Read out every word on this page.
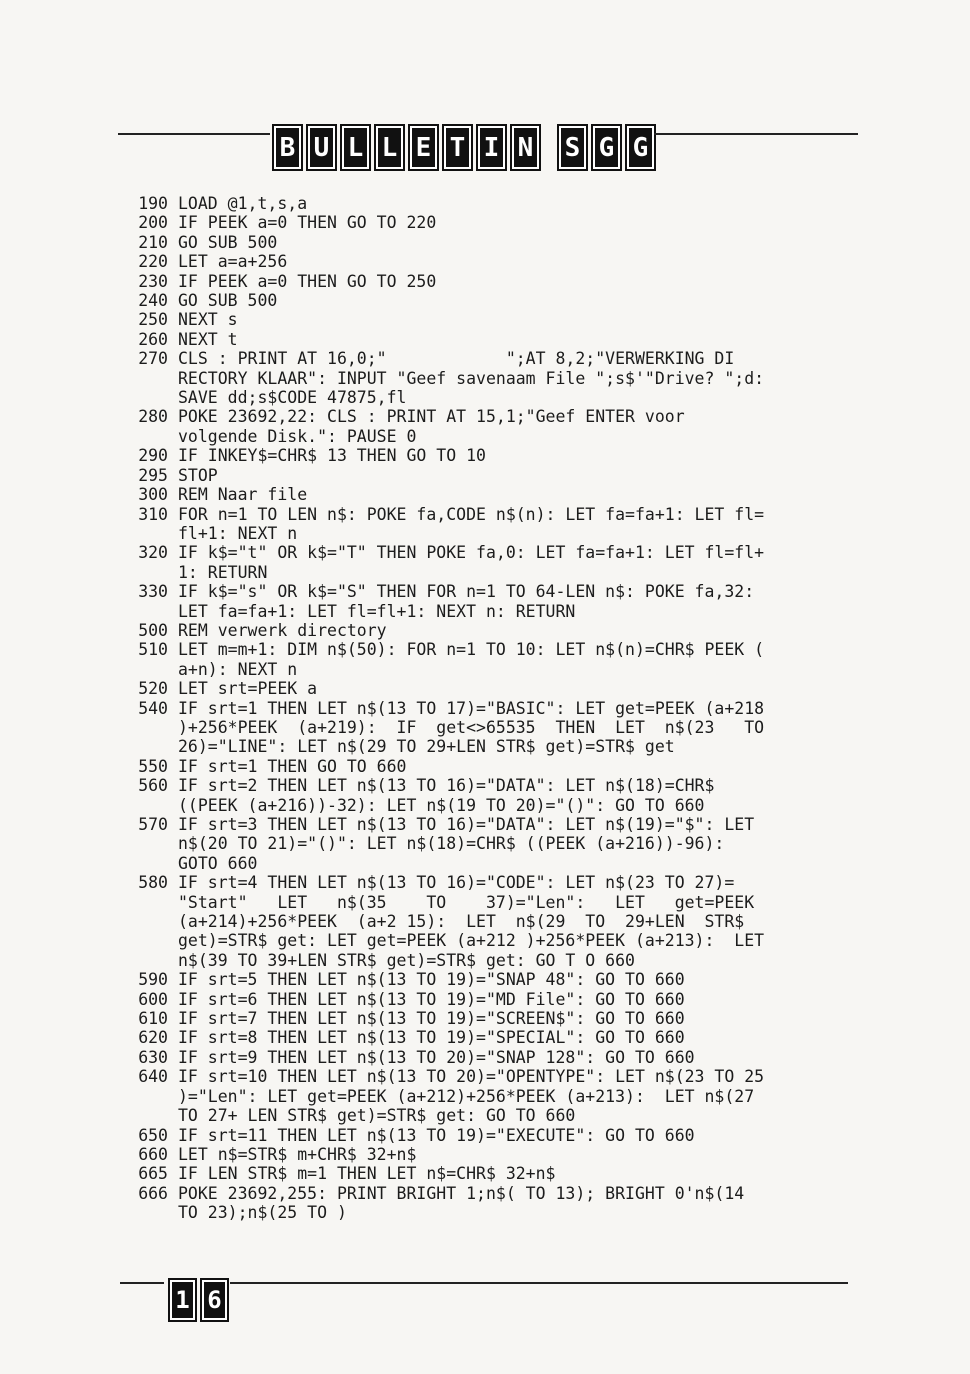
B U L L E T I N S G G
190 LOAD @1,t,s,a
200 IF PEEK a=0 THEN GO TO 220
210 GO SUB 500
220 LET a=a+256
230 IF PEEK a=0 THEN GO TO 250
240 GO SUB 500
250 NEXT s
260 NEXT t
270 CLS : PRINT AT 16,0;"            ";AT 8,2;"VERWERKING DI
RECTORY KLAAR": INPUT "Geef savenaam File ";s$'"Drive? ";d:
SAVE dd;s$CODE 47875,fl
280 POKE 23692,22: CLS : PRINT AT 15,1;"Geef ENTER voor
volgende Disk.": PAUSE 0
290 IF INKEY$=CHR$ 13 THEN GO TO 10
295 STOP
300 REM Naar file
310 FOR n=1 TO LEN n$: POKE fa,CODE n$(n): LET fa=fa+1: LET fl=
fl+1: NEXT n
320 IF k$="t" OR k$="T" THEN POKE fa,0: LET fa=fa+1: LET fl=fl+
1: RETURN
330 IF k$="s" OR k$="S" THEN FOR n=1 TO 64-LEN n$: POKE fa,32:
LET fa=fa+1: LET fl=fl+1: NEXT n: RETURN
500 REM verwerk directory
510 LET m=m+1: DIM n$(50): FOR n=1 TO 10: LET n$(n)=CHR$ PEEK (
a+n): NEXT n
520 LET srt=PEEK a
540 IF srt=1 THEN LET n$(13 TO 17)="BASIC": LET get=PEEK (a+218
)+256*PEEK  (a+219):  IF  get<>65535  THEN  LET  n$(23   TO
26)="LINE": LET n$(29 TO 29+LEN STR$ get)=STR$ get
550 IF srt=1 THEN GO TO 660
560 IF srt=2 THEN LET n$(13 TO 16)="DATA": LET n$(18)=CHR$
((PEEK (a+216))-32): LET n$(19 TO 20)="()": GO TO 660
570 IF srt=3 THEN LET n$(13 TO 16)="DATA": LET n$(19)="$": LET
n$(20 TO 21)="()": LET n$(18)=CHR$ ((PEEK (a+216))-96):
GOTO 660
580 IF srt=4 THEN LET n$(13 TO 16)="CODE": LET n$(23 TO 27)=
"Start"   LET   n$(35    TO    37)="Len":   LET   get=PEEK
(a+214)+256*PEEK  (a+2 15):  LET  n$(29  TO  29+LEN  STR$
get)=STR$ get: LET get=PEEK (a+212 )+256*PEEK (a+213):  LET
n$(39 TO 39+LEN STR$ get)=STR$ get: GO T O 660
590 IF srt=5 THEN LET n$(13 TO 19)="SNAP 48": GO TO 660
600 IF srt=6 THEN LET n$(13 TO 19)="MD File": GO TO 660
610 IF srt=7 THEN LET n$(13 TO 19)="SCREEN$": GO TO 660
620 IF srt=8 THEN LET n$(13 TO 19)="SPECIAL": GO TO 660
630 IF srt=9 THEN LET n$(13 TO 20)="SNAP 128": GO TO 660
640 IF srt=10 THEN LET n$(13 TO 20)="OPENTYPE": LET n$(23 TO 25
)="Len": LET get=PEEK (a+212)+256*PEEK (a+213):  LET n$(27
TO 27+ LEN STR$ get)=STR$ get: GO TO 660
650 IF srt=11 THEN LET n$(13 TO 19)="EXECUTE": GO TO 660
660 LET n$=STR$ m+CHR$ 32+n$
665 IF LEN STR$ m=1 THEN LET n$=CHR$ 32+n$
666 POKE 23692,255: PRINT BRIGHT 1;n$( TO 13); BRIGHT 0'n$(14
TO 23);n$(25 TO )
1 6
